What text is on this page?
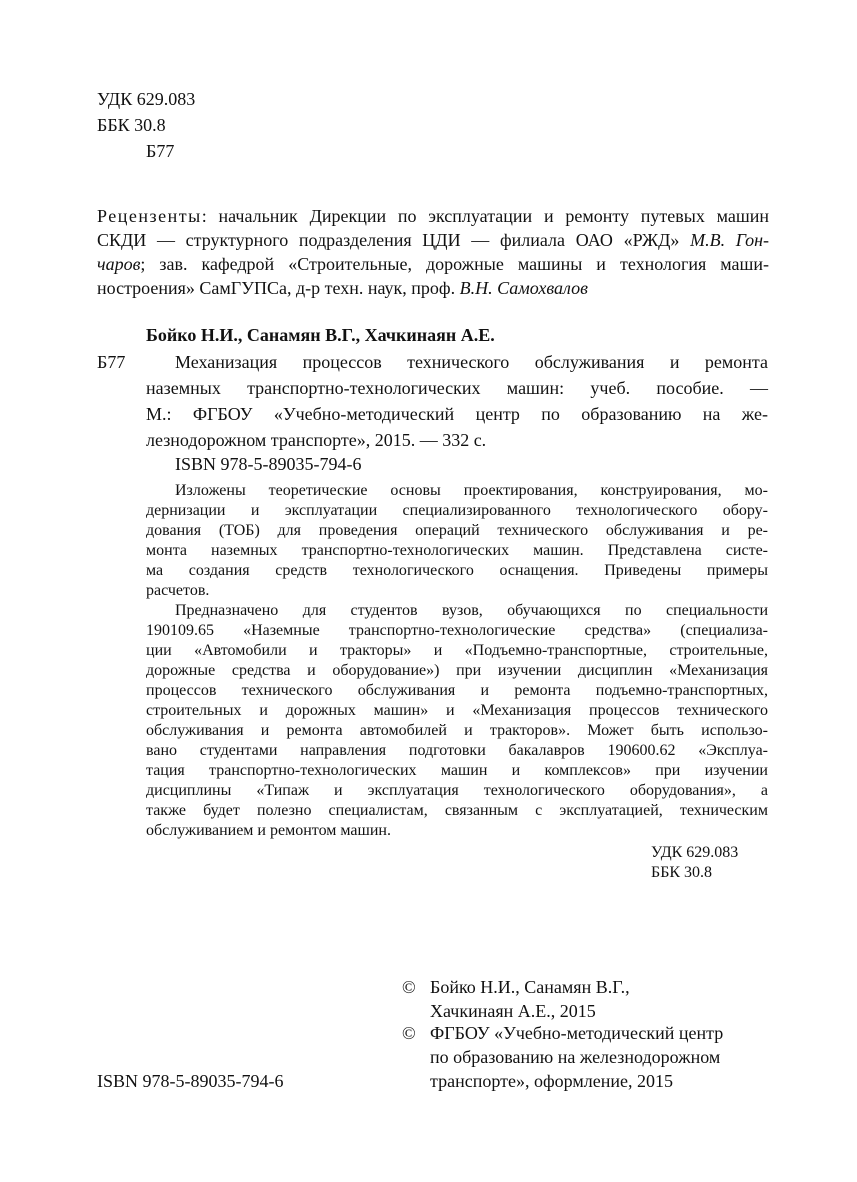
УДК 629.083
ББК 30.8
Б77
Рецензенты: начальник Дирекции по эксплуатации и ремонту путевых машин
СКДИ — структурного подразделения ЦДИ — филиала ОАО «РЖД» М.В. Гон-
чаров; зав. кафедрой «Строительные, дорожные машины и технология маши-
ностроения» СамГУПСа, д-р техн. наук, проф. В.Н. Самохвалов
Бойко Н.И., Санамян В.Г., Хачкинаян А.Е.
Б77	Механизация процессов технического обслуживания и ремонта
наземных транспортно-технологических машин: учеб. пособие. —
М.: ФГБОУ «Учебно-методический центр по образованию на же-
лезнодорожном транспорте», 2015. — 332 с.
ISBN 978-5-89035-794-6
Изложены теоретические основы проектирования, конструирования, мо-
дернизации и эксплуатации специализированного технологического обору-
дования (ТОБ) для проведения операций технического обслуживания и ре-
монта наземных транспортно-технологических машин. Представлена систе-
ма создания средств технологического оснащения. Приведены примеры
расчетов.
Предназначено для студентов вузов, обучающихся по специальности
190109.65 «Наземные транспортно-технологические средства» (специализа-
ции «Автомобили и тракторы» и «Подъемно-транспортные, строительные,
дорожные средства и оборудование») при изучении дисциплин «Механизация
процессов технического обслуживания и ремонта подъемно-транспортных,
строительных и дорожных машин» и «Механизация процессов технического
обслуживания и ремонта автомобилей и тракторов». Может быть использо-
вано студентами направления подготовки бакалавров 190600.62 «Эксплуа-
тация транспортно-технологических машин и комплексов» при изучении
дисциплины «Типаж и эксплуатация технологического оборудования», а
также будет полезно специалистам, связанным с эксплуатацией, техническим
обслуживанием и ремонтом машин.
УДК 629.083
ББК 30.8
© Бойко Н.И., Санамян В.Г.,
Хачкинаян А.Е., 2015
© ФГБОУ «Учебно-методический центр
по образованию на железнодорожном
транспорте», оформление, 2015
ISBN 978-5-89035-794-6
